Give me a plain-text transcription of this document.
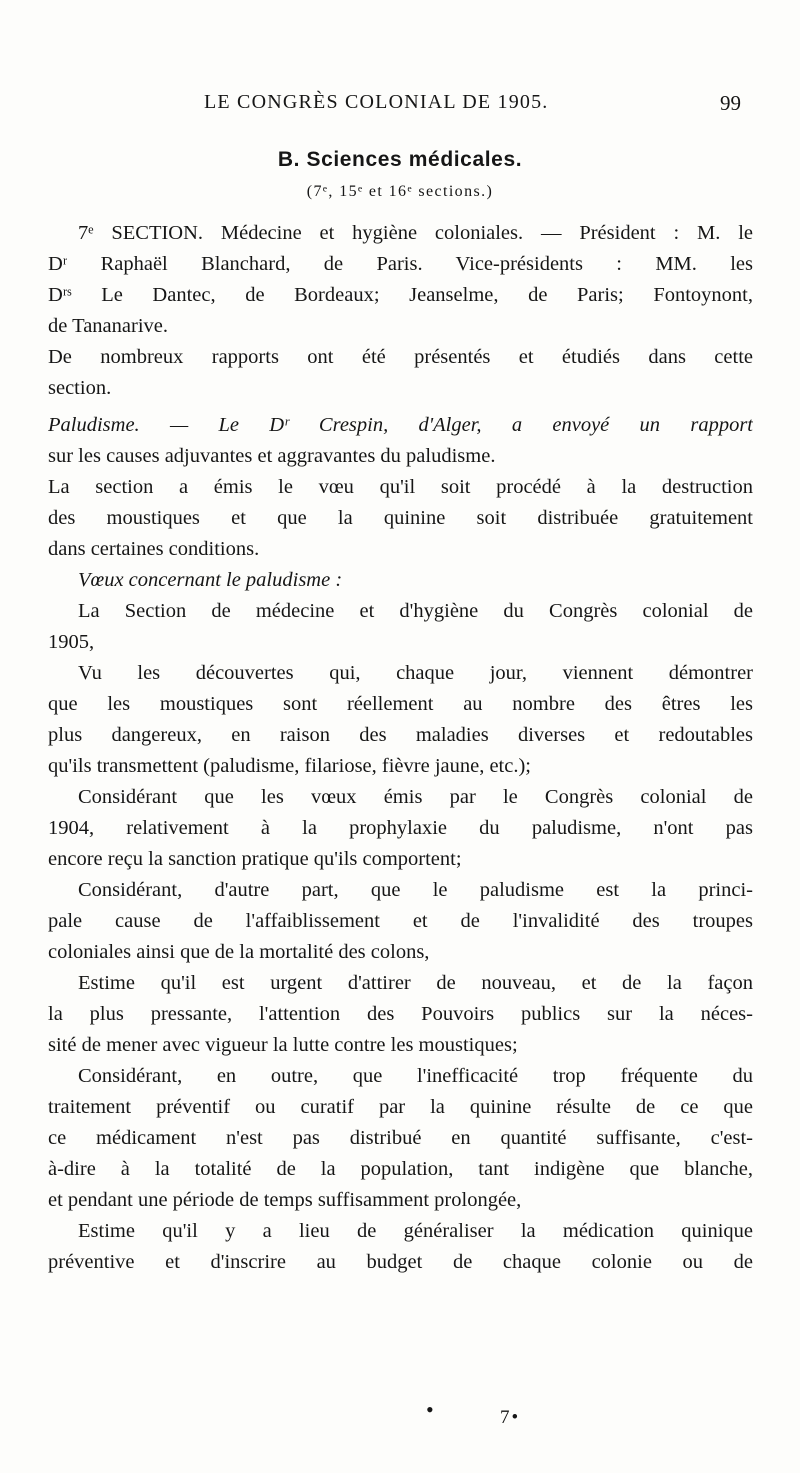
LE CONGRÈS COLONIAL DE 1905.	99
B. Sciences médicales.
(7ᵉ, 15ᵉ et 16ᵉ sections.)
7ᵉ SECTION. Médecine et hygiène coloniales. — Président : M. le
Dʳ Raphaël Blanchard, de Paris. Vice-présidents : MM. les
Dʳˢ Le Dantec, de Bordeaux; Jeanselme, de Paris; Fontoynont,
de Tananarive.
De nombreux rapports ont été présentés et étudiés dans cette
section.
Paludisme. — Le Dʳ Crespin, d'Alger, a envoyé un rapport
sur les causes adjuvantes et aggravantes du paludisme.
La section a émis le vœu qu'il soit procédé à la destruction
des moustiques et que la quinine soit distribuée gratuitement
dans certaines conditions.
Vœux concernant le paludisme :
La Section de médecine et d'hygiène du Congrès colonial de
1905,
Vu les découvertes qui, chaque jour, viennent démontrer
que les moustiques sont réellement au nombre des êtres les
plus dangereux, en raison des maladies diverses et redoutables
qu'ils transmettent (paludisme, filariose, fièvre jaune, etc.);
Considérant que les vœux émis par le Congrès colonial de
1904, relativement à la prophylaxie du paludisme, n'ont pas
encore reçu la sanction pratique qu'ils comportent;
Considérant, d'autre part, que le paludisme est la princi-
pale cause de l'affaiblissement et de l'invalidité des troupes
coloniales ainsi que de la mortalité des colons,
Estime qu'il est urgent d'attirer de nouveau, et de la façon
la plus pressante, l'attention des Pouvoirs publics sur la néces-
sité de mener avec vigueur la lutte contre les moustiques;
Considérant, en outre, que l'inefficacité trop fréquente du
traitement préventif ou curatif par la quinine résulte de ce que
ce médicament n'est pas distribué en quantité suffisante, c'est-
à-dire à la totalité de la population, tant indigène que blanche,
et pendant une période de temps suffisamment prolongée,
Estime qu'il y a lieu de généraliser la médication quinique
préventive et d'inscrire au budget de chaque colonie ou de
•	7•
